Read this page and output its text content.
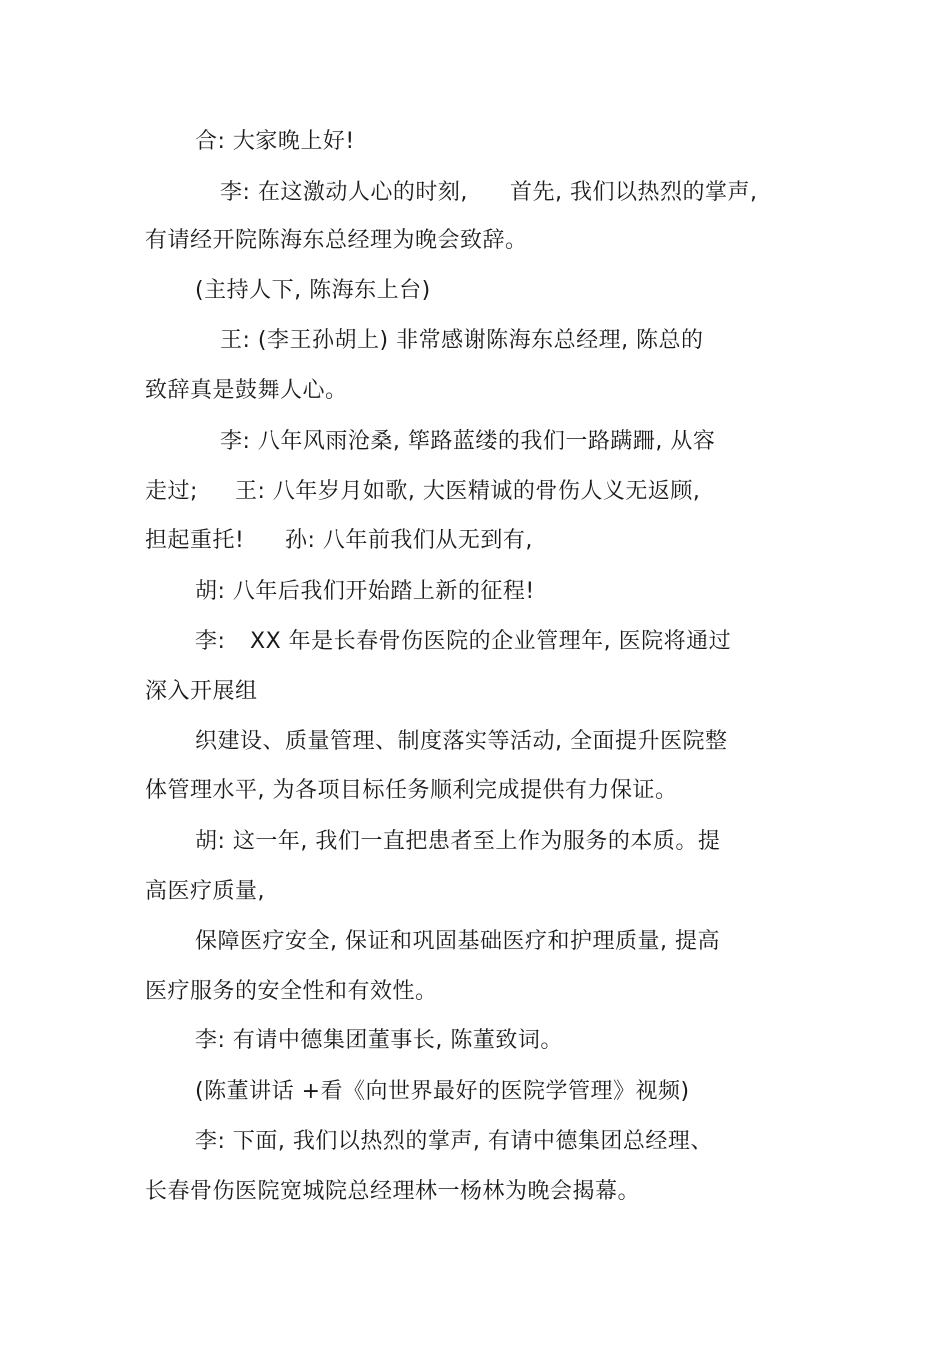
合: 大家晚上好!
李: 在这激动人心的时刻, 首先, 我们以热烈的掌声,
有请经开院陈海东总经理为晚会致辞。
(主持人下, 陈海东上台)
王: (李王孙胡上) 非常感谢陈海东总经理, 陈总的
致辞真是鼓舞人心。
李: 八年风雨沧桑, 筚路蓝缕的我们一路蹒跚, 从容
走过; 王: 八年岁月如歌, 大医精诚的骨伤人义无返顾,
担起重托! 孙: 八年前我们从无到有,
胡: 八年后我们开始踏上新的征程!
李: XX 年是长春骨伤医院的企业管理年, 医院将通过
深入开展组
织建设、质量管理、制度落实等活动, 全面提升医院整
体管理水平, 为各项目标任务顺利完成提供有力保证。
胡: 这一年, 我们一直把患者至上作为服务的本质。提
高医疗质量,
保障医疗安全, 保证和巩固基础医疗和护理质量, 提高
医疗服务的安全性和有效性。
李: 有请中德集团董事长, 陈董致词。
(陈董讲话 +看《向世界最好的医院学管理》视频)
李: 下面, 我们以热烈的掌声, 有请中德集团总经理、
长春骨伤医院宽城院总经理林一杨林为晚会揭幕。
